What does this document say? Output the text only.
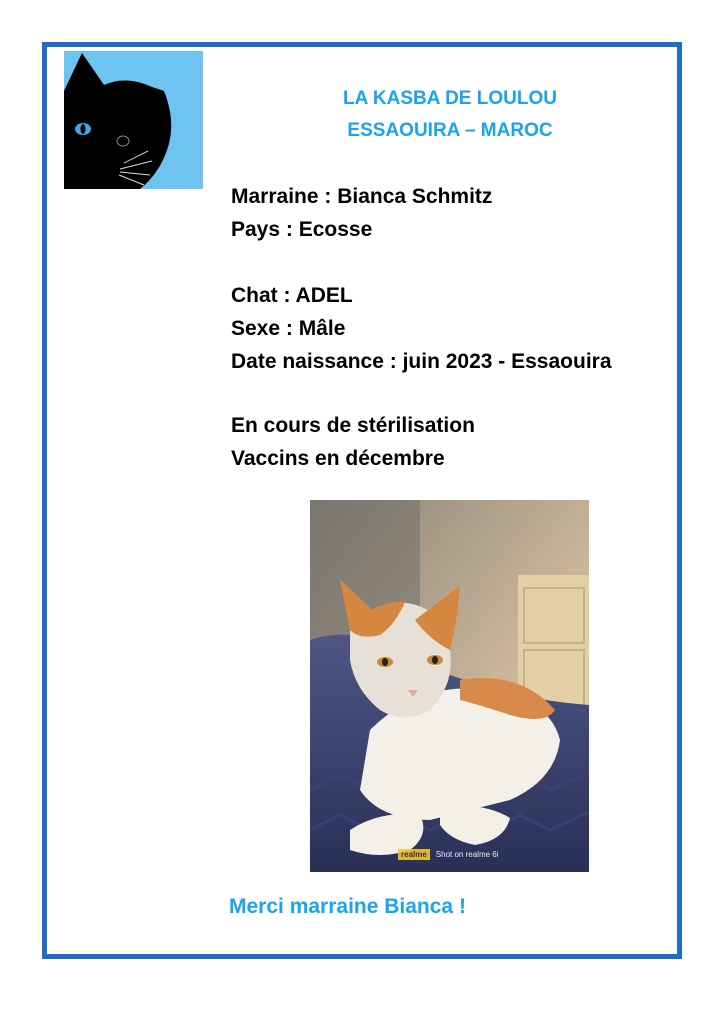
LA KASBA DE LOULOU
ESSAOUIRA – MAROC
Marraine : Bianca Schmitz
Pays : Ecosse
Chat : ADEL
Sexe : Mâle
Date naissance : juin 2023 - Essaouira
En cours de stérilisation
Vaccins en décembre
realme	Shot on realme 6i
Merci marraine Bianca !
